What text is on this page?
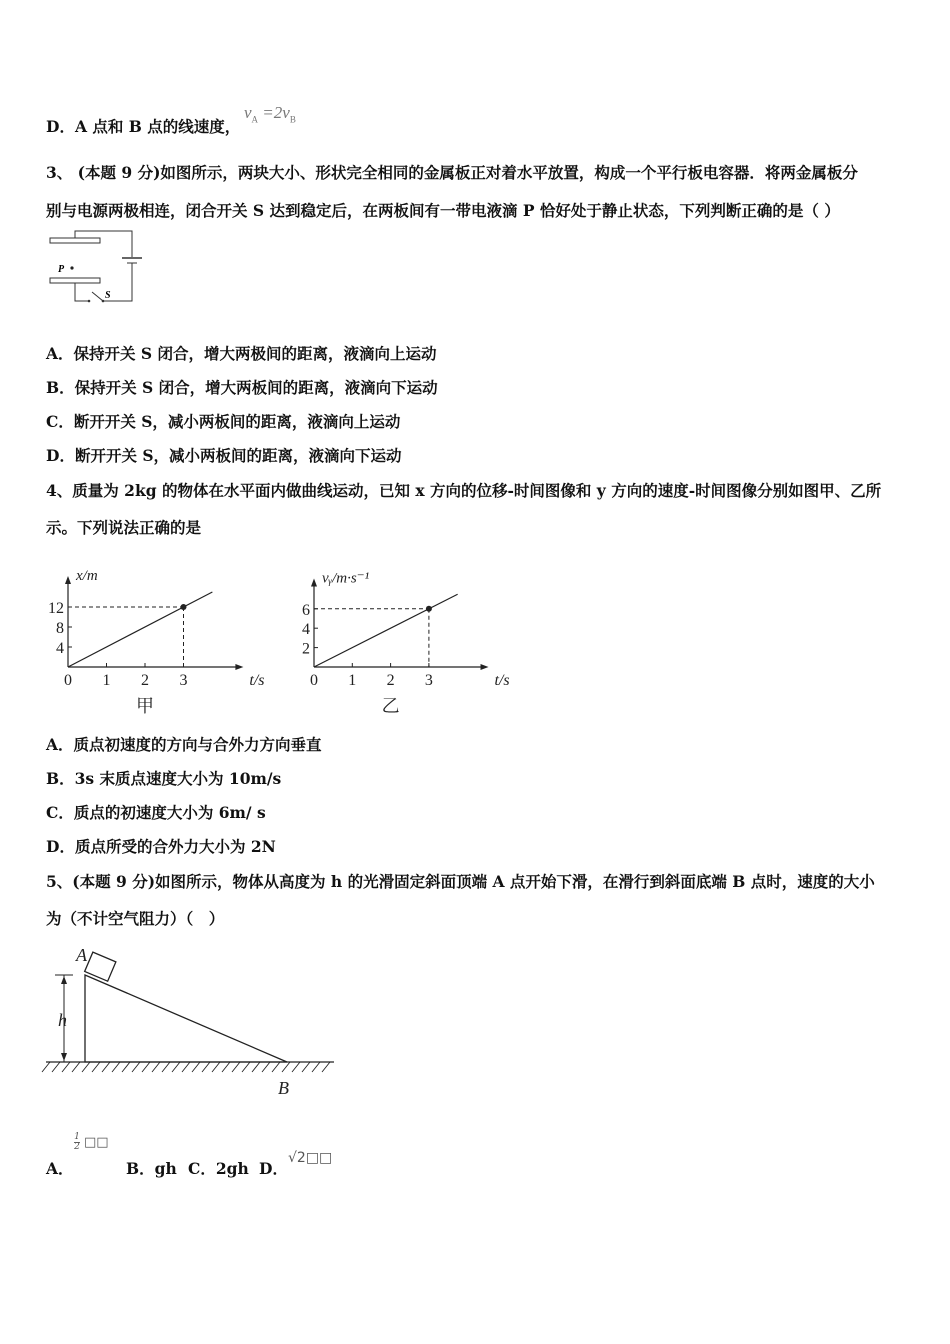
D．A 点和 B 点的线速度，
$v_A =2v_B$
3、 (本题 9 分)如图所示，两块大小、形状完全相同的金属板正对着水平放置，构成一个平行板电容器．将两金属板分
别与电源两极相连，闭合开关 S 达到稳定后，在两板间有一带电液滴 P 恰好处于静止状态，下列判断正确的是（ ）
P
S
A．保持开关 S 闭合，增大两极间的距离，液滴向上运动
B．保持开关 S 闭合，增大两板间的距离，液滴向下运动
C．断开开关 S，减小两板间的距离，液滴向上运动
D．断开开关 S，减小两板间的距离，液滴向下运动
4、质量为 2kg 的物体在水平面内做曲线运动，已知 x 方向的位移-时间图像和 y 方向的速度-时间图像分别如图甲、乙所
示。下列说法正确的是
0 1 2 3
4
8
12
x/m
t/s
甲
0 1 2 3
2
4
6
vᵧ/m·s⁻¹
t/s
乙
A．质点初速度的方向与合外力方向垂直
B．3s 末质点速度大小为 10m/s
C．质点的初速度大小为 6m/ s
D．质点所受的合外力大小为 2N
5、(本题 9 分)如图所示，物体从高度为 h 的光滑固定斜面顶端 A 点开始下滑，在滑行到斜面底端 B 点时，速度的大小
为（不计空气阻力）（　）
A
h
B
A．
1
2 □□
B．gh C．2gh D．
√2□□
